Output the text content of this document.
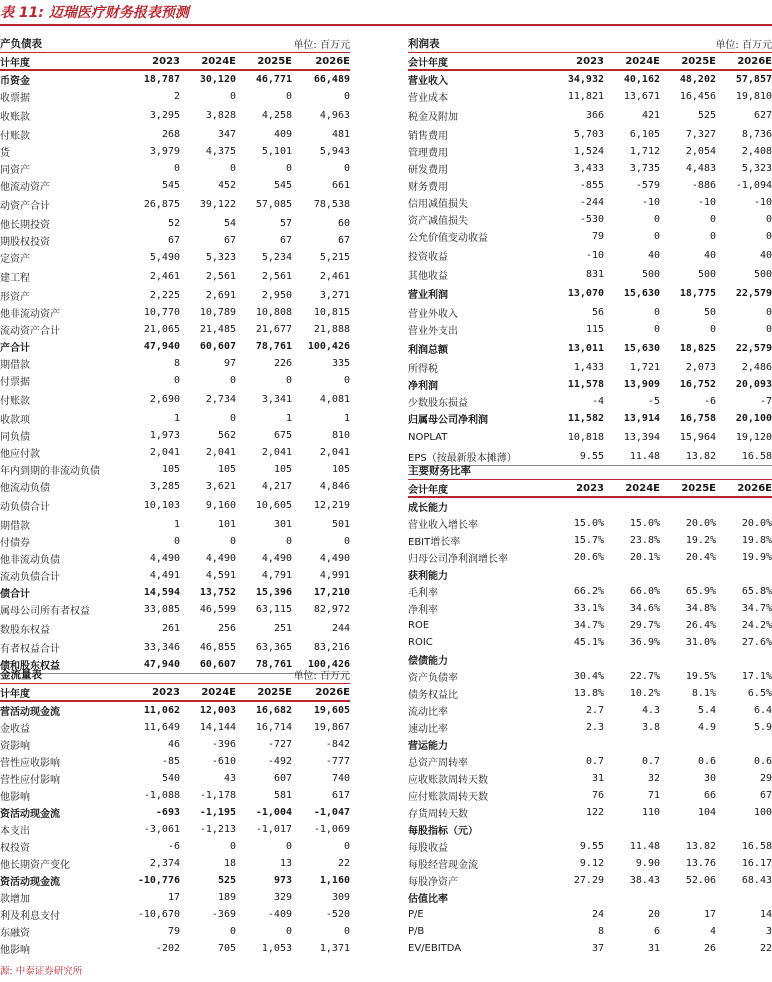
表 11: 迈瑞医疗财务报表预测
产负债表	单位: 百万元
计年度	2023	2024E	2025E	2026E
币资金	18,787	30,120	46,771	66,489
收票据	2	0	0	0
收账款	3,295	3,828	4,258	4,963
付账款	268	347	409	481
货	3,979	4,375	5,101	5,943
同资产	0	0	0	0
他流动资产	545	452	545	661
动资产合计	26,875	39,122	57,085	78,538
他长期投资	52	54	57	60
期股权投资	67	67	67	67
定资产	5,490	5,323	5,234	5,215
建工程	2,461	2,561	2,561	2,461
形资产	2,225	2,691	2,950	3,271
他非流动资产	10,770	10,789	10,808	10,815
流动资产合计	21,065	21,485	21,677	21,888
产合计	47,940	60,607	78,761	100,426
期借款	8	97	226	335
付票据	0	0	0	0
付账款	2,690	2,734	3,341	4,081
收款项	1	0	1	1
同负债	1,973	562	675	810
他应付款	2,041	2,041	2,041	2,041
年内到期的非流动负债	105	105	105	105
他流动负债	3,285	3,621	4,217	4,846
动负债合计	10,103	9,160	10,605	12,219
期借款	1	101	301	501
付债券	0	0	0	0
他非流动负债	4,490	4,490	4,490	4,490
流动负债合计	4,491	4,591	4,791	4,991
债合计	14,594	13,752	15,396	17,210
属母公司所有者权益	33,085	46,599	63,115	82,972
数股东权益	261	256	251	244
有者权益合计	33,346	46,855	63,365	83,216
债和股东权益	47,940	60,607	78,761	100,426
金流量表	单位: 百万元
计年度	2023	2024E	2025E	2026E
营活动现金流	11,062	12,003	16,682	19,605
金收益	11,649	14,144	16,714	19,867
资影响	46	-396	-727	-842
营性应收影响	-85	-610	-492	-777
营性应付影响	540	43	607	740
他影响	-1,088	-1,178	581	617
资活动现金流	-693	-1,195	-1,004	-1,047
本支出	-3,061	-1,213	-1,017	-1,069
权投资	-6	0	0	0
他长期资产变化	2,374	18	13	22
资活动现金流	-10,776	525	973	1,160
款增加	17	189	329	309
利及利息支付	-10,670	-369	-409	-520
东融资	79	0	0	0
他影响	-202	705	1,053	1,371
利润表	单位: 百万元
会计年度	2023	2024E	2025E	2026E
营业收入	34,932	40,162	48,202	57,857
营业成本	11,821	13,671	16,456	19,810
税金及附加	366	421	525	627
销售费用	5,703	6,105	7,327	8,736
管理费用	1,524	1,712	2,054	2,408
研发费用	3,433	3,735	4,483	5,323
财务费用	-855	-579	-886	-1,094
信用减值损失	-244	-10	-10	-10
资产减值损失	-530	0	0	0
公允价值变动收益	79	0	0	0
投资收益	-10	40	40	40
其他收益	831	500	500	500
营业利润	13,070	15,630	18,775	22,579
营业外收入	56	0	50	0
营业外支出	115	0	0	0
利润总额	13,011	15,630	18,825	22,579
所得税	1,433	1,721	2,073	2,486
净利润	11,578	13,909	16,752	20,093
少数股东损益	-4	-5	-6	-7
归属母公司净利润	11,582	13,914	16,758	20,100
NOPLAT	10,818	13,394	15,964	19,120
EPS（按最新股本摊薄）	9.55	11.48	13.82	16.58
主要财务比率
会计年度	2023	2024E	2025E	2026E
成长能力
营业收入增长率	15.0%	15.0%	20.0%	20.0%
EBIT增长率	15.7%	23.8%	19.2%	19.8%
归母公司净利润增长率	20.6%	20.1%	20.4%	19.9%
获利能力
毛利率	66.2%	66.0%	65.9%	65.8%
净利率	33.1%	34.6%	34.8%	34.7%
ROE	34.7%	29.7%	26.4%	24.2%
ROIC	45.1%	36.9%	31.0%	27.6%
偿债能力
资产负债率	30.4%	22.7%	19.5%	17.1%
债务权益比	13.8%	10.2%	8.1%	6.5%
流动比率	2.7	4.3	5.4	6.4
速动比率	2.3	3.8	4.9	5.9
营运能力
总资产周转率	0.7	0.7	0.6	0.6
应收账款周转天数	31	32	30	29
应付账款周转天数	76	71	66	67
存货周转天数	122	110	104	100
每股指标（元）
每股收益	9.55	11.48	13.82	16.58
每股经营现金流	9.12	9.90	13.76	16.17
每股净资产	27.29	38.43	52.06	68.43
估值比率
P/E	24	20	17	14
P/B	8	6	4	3
EV/EBITDA	37	31	26	22
源: 中泰证券研究所
